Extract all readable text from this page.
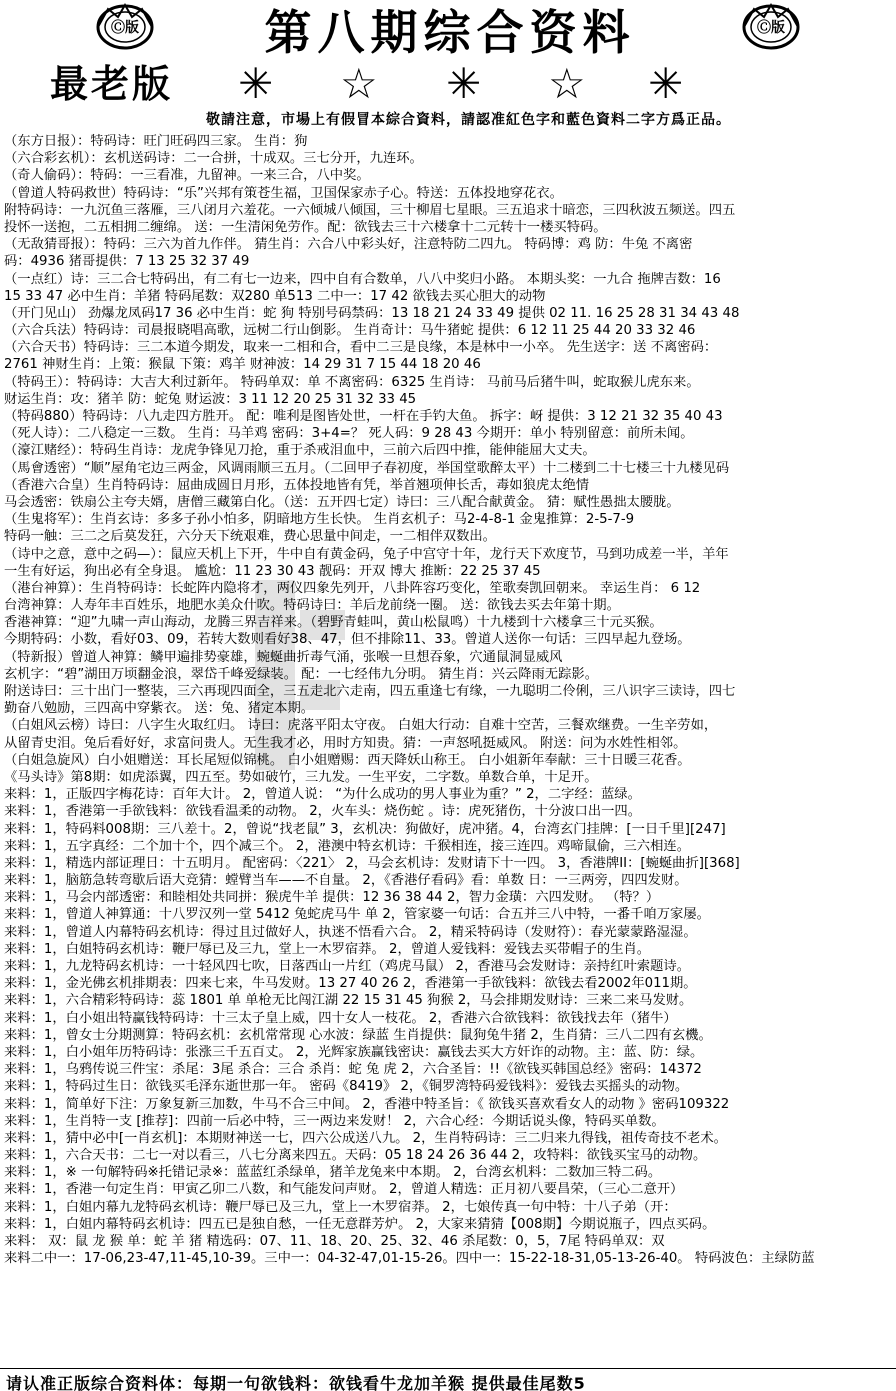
Ⓒ版	Ⓒ版
第八期综合资料
最老版 ✳ ☆ ✳ ☆ ✳
敬請注意，市場上有假冒本綜合資料，請認准紅色字和藍色資料二字方爲正品。
（东方日报）：特码诗：旺门旺码四三家。 生肖：狗
（六合彩玄机）：玄机送码诗：二一合拼，十成双。三七分开，九连环。
（奇人偷码）：特码：一三看准，九留神。一来三合，八中奖。
（曾道人特码救世）特码诗：“乐”兴邦有策苍生福，卫国保家赤子心。特送：五体投地穿花衣。
附特码诗：一九沉鱼三落雁，三八闭月六羞花。一六倾城八倾国，三十柳眉七星眼。三五追求十暗恋，三四秋波五频送。四五
投怀一送抱，二五相拥二缠绵。 送：一生清闲免劳作。配：欲钱去三十六楼拿十二元转十一楼买特码。
（无敌猜哥报）：特码：三六为首九作伴。 猜生肖：六合八中彩头好，注意特防二四九。 特码博：鸡 防：牛兔 不离密
码：4936 猪哥提供：7 13 25 32 37 49
（一点红）诗：三二合七特码出，有二有七一边来，四中自有合数单，八八中奖归小路。 本期头奖：一九合 拖牌吉数：16
15 33 47 必中生肖：羊猪 特码尾数：双280 单513 二中一：17 42 欲钱去买心胆大的动物
（开门见山） 劲爆龙凤码17 36 必中生肖：蛇 狗 特别号码禁码：13 18 21 24 33 49 提供 02 11. 16 25 28 31 34 43 48
（六合兵法）特码诗：司晨报晓唱高歌，远树二行山倒影。 生肖奇计：马牛猪蛇 提供：6 12 11 25 44 20 33 32 46
（六合天书）特码诗：三二本道今期发，取来一二相和合，看中二三是良缘，本是林中一小卒。 先生送字：送 不离密码：
2761 神财生肖：上策：猴鼠 下策：鸡羊 财神波：14 29 31 7 15 44 18 20 46
（特码王）：特码诗：大吉大利过新年。 特码单双：单 不离密码：6325 生肖诗： 马前马后猪牛叫，蛇取猴儿虎东来。
财运生肖：攻：猪羊 防：蛇兔 财运波：3 11 12 20 25 31 32 33 45
（特码880）特码诗：八九走四方胜开。 配：唯利是图皆处世，一杆在手钓大鱼。 拆字：岈 提供：3 12 21 32 35 40 43
（死人诗）：二八稳定一三数。 生肖：马羊鸡 密码：3+4=？ 死人码：9 28 43 今期开：单小 特别留意：前所未闻。
（濠江赌经）：特码生肖诗：龙虎争锋见刀抢，重于杀戒泪血中，三前六后四中推，能伸能屈大丈夫。
（馬會透密）“顺”屋角宅边三两金，风调雨顺三五月。（二回甲子春初度，举国堂歌醉太平）十二楼到二十七楼三十九楼见码
（香港六合皇）生肖特码诗：屈曲成圆日月形，五体投地皆有凭，举首翘项伸长舌，毒如狼虎太绝情
马会透密：铁扇公主夸夫婿，唐僧三藏第白化。（送：五开四七定）诗曰：三八配合献黄金。 猜：赋性愚拙太腰胧。
（生鬼将军）：生肖玄诗：多多子孙小怕多，阴暗地方生长快。 生肖玄机子：马2-4-8-1 金鬼推算：2-5-7-9
特码一触：三二之后莫发狂，六分天下统艰难，费心思量中间走，一二相伴双数出。
（诗中之意，意中之码—）：鼠应天机上下开，牛中自有黄金码，兔子中宫守十年，龙行天下欢度节，马到功成差一半，羊年
一生有好运，狗出必有全身退。 尴尬：11 23 30 43 靓码：开双 博大 推断：22 25 37 45
（港台神算）：生肖特码诗：长蛇阵内隐将才，两仪四象先列开，八卦阵容巧变化，笙歌奏凯回朝来。 幸运生肖： 6 12
台湾神算：人寿年丰百姓乐，地肥水美众什吹。特码诗曰：羊后龙前绕一圈。 送：欲钱去买去年第十期。
香港神算：“迎”九啸一声山海动，龙腾三界吉祥来。（碧野青蛙叫，黄山松鼠鸣）十九楼到十六楼拿三十元买猴。
今期特码：小数，看好03、09，若转大数则看好38、47，但不排除11、33。曾道人送你一句话：三四早起九登场。
（特新报）曾道人神算：鳞甲遍排势豪雄，蜿蜒曲折毒气涌，张喉一旦想吞象，穴通鼠洞显威风
玄机字：“碧”湖田万顷翻金浪，翠岱千峰爱绿装。 配：一七经伟九分明。 猜生肖：兴云降雨无踪影。
附送诗曰：三十出门一整装，三六再现四面全，三五走北六走南，四五重逢七有缘，一九聪明二伶俐，三八识字三读诗，四七
勤奋八勉励，三四高中穿紫衣。 送：兔、猪定本期。
（白姐风云榜）诗曰：八字生火取红归。 诗曰：虎落平阳太守夜。 白姐大行动：自难十空苦，三餐欢继费。一生辛劳如，
从留青史泪。兔后看好好，求富问贵人。无生我才必，用时方知贵。猜：一声怒吼挺威风。 附送：问为水姓性相邻。
（白姐急旋风）白小姐赠送：耳长尾短似锦桃。 白小姐赠赐：西天降妖山称王。 白小姐新年奉献：三十日暖三花香。
《马头诗》第8期：如虎添翼，四五至。势如破竹，三九发。一生平安，二字数。单数合单，十足开。
来料：1，正版四字梅花诗：百年大计。 2，曾道人说： “为什么成功的男人事业为重？” 2，二字经：蓝绿。
来料：1，香港第一手欲钱料：欲钱看温柔的动物。 2，火车头：烧伤蛇 。诗：虎死猪伤，十分波口出一四。
来料：1，特码料008期：三八差十。2，曾说“找老鼠” 3，玄机决：狗做好，虎冲猪。4，台湾玄门挂牌：[一日千里][247]
来料：1，五字真经：二个加十个，四个减三个。 2，港澳中特玄机诗：千猴相连，接三连四。鸡啼鼠偷，三六相连。
来料：1，精选内部证理日：十五明月。 配密码：〈221〉 2，马会玄机诗：发财请下十一四。 3，香港牌II：[蜿蜒曲折][368]
来料：1，脑筋急转弯歇后语大竞猜：螳臂当车——不自量。 2，《香港仔看码》看：单数 日：一三两旁，四四发财。
来料：1，马会内部透密：和睦相处共同拼：猴虎牛羊 提供：12 36 38 44 2，智力金璜：六四发财。 （特？）
来料：1，曾道人神算通：十八罗汉列一堂 5412 兔蛇虎马牛 单 2，管家婆一句话：合五并三八中特，一番千咱万家屡。
来料：1，曾道人内幕特码玄机诗：得过且过做好人，执迷不悟看六合。 2，精采特码诗（发财符）：春光蒙蒙路湿湿。
来料：1，白姐特码玄机诗：鞭尸辱已及三九，堂上一木罗宿莽。 2，曾道人爱钱料：爱钱去买带帽子的生肖。
来料：1，九龙特码玄机诗：一十轻风四七吹，日落西山一片红（鸡虎马鼠） 2，香港马会发财诗：亲持红叶索题诗。
来料：1，金光佛玄机排期表：四来七来，牛马发财。13 27 40 26 2，香港第一手欲钱料：欲钱去看2002年011期。
来料：1，六合精彩特码诗：蕊 1801 单 单枪无比闯江湖 22 15 31 45 狗猴 2，马会排期发财诗：三来二来马发财。
来料：1，白小姐出特赢钱特码诗：十三太子皇上威，四十女人一枝花。 2，香港六合欲钱料：欲钱找去年（猪牛）
来料：1，曾女士分期测算：特码玄机：玄机常常现 心水波：绿蓝 生肖提供：鼠狗兔牛猪 2，生肖猜：三八二四有玄機。
来料：1，白小姐年历特码诗：张涨三千五百丈。 2，光辉家族赢钱密诀：赢钱去买大方奸诈的动物。主：蓝、防：绿。
来料：1，乌鸦传说三件宝：杀尾：3尾 杀合：三合 杀肖：蛇 兔 虎 2，六合圣旨：!!《欲钱买韩国总经》密码：14372
来料：1，特码过生日：欲钱买毛泽东逝世那一年。 密码《8419》 2，《铜罗湾特码爱钱料》：爱钱去买摇头的动物。
来料：1，简单好下注：万象复新三加数，牛马不合三中间。 2，香港中特圣旨：《 欲钱买喜欢看女人的动物 》密码109322
来料：1，生肖特一支 [推荐]：四前一后必中特，三一两边来发财！ 2，六合心经：今期话说头像，特码买单数。
来料：1，猜中必中[一肖玄机]：本期财神送一七，四六公成送八九。 2，生肖特码诗：三二归来九得钱，祖传奇技不老术。
来料：1，六合天书：二七一对以看三，八七分离来四五。天码：05 18 24 26 36 44 2，攻特料：欲钱买宝马的动物。
来料：1，※ 一句解特码※托错记录※：蓝蓝红杀绿单，猪羊龙兔来中本期。 2，台湾玄机料：二数加三特二码。
来料：1，香港一句定生肖：甲寅乙卯二八数，和气能发问声财。 2，曾道人精选：正月初八要昌荣，（三心二意开）
来料：1，白姐内幕九龙特码玄机诗：鞭尸辱已及三九，堂上一木罗宿莽。 2，七娘传真一句中特：十八子弟（开：
来料：1，白姐内幕特码玄机诗：四五已是独自愁，一任无意群芳炉。 2，大家来猜猜【008期】今期说瓶子，四点买码。
来料： 双：鼠 龙 猴 单：蛇 羊 猪 精选码：07、11、18、20、25、32、46 杀尾数：0，5，7尾 特码单双：双
来料二中一：17-06,23-47,11-45,10-39。三中一：04-32-47,01-15-26。四中一：15-22-18-31,05-13-26-40。 特码波色：主绿防蓝
请认准正版综合资料体：每期一句欲钱料：欲钱看牛龙加羊猴 提供最佳尾数5
